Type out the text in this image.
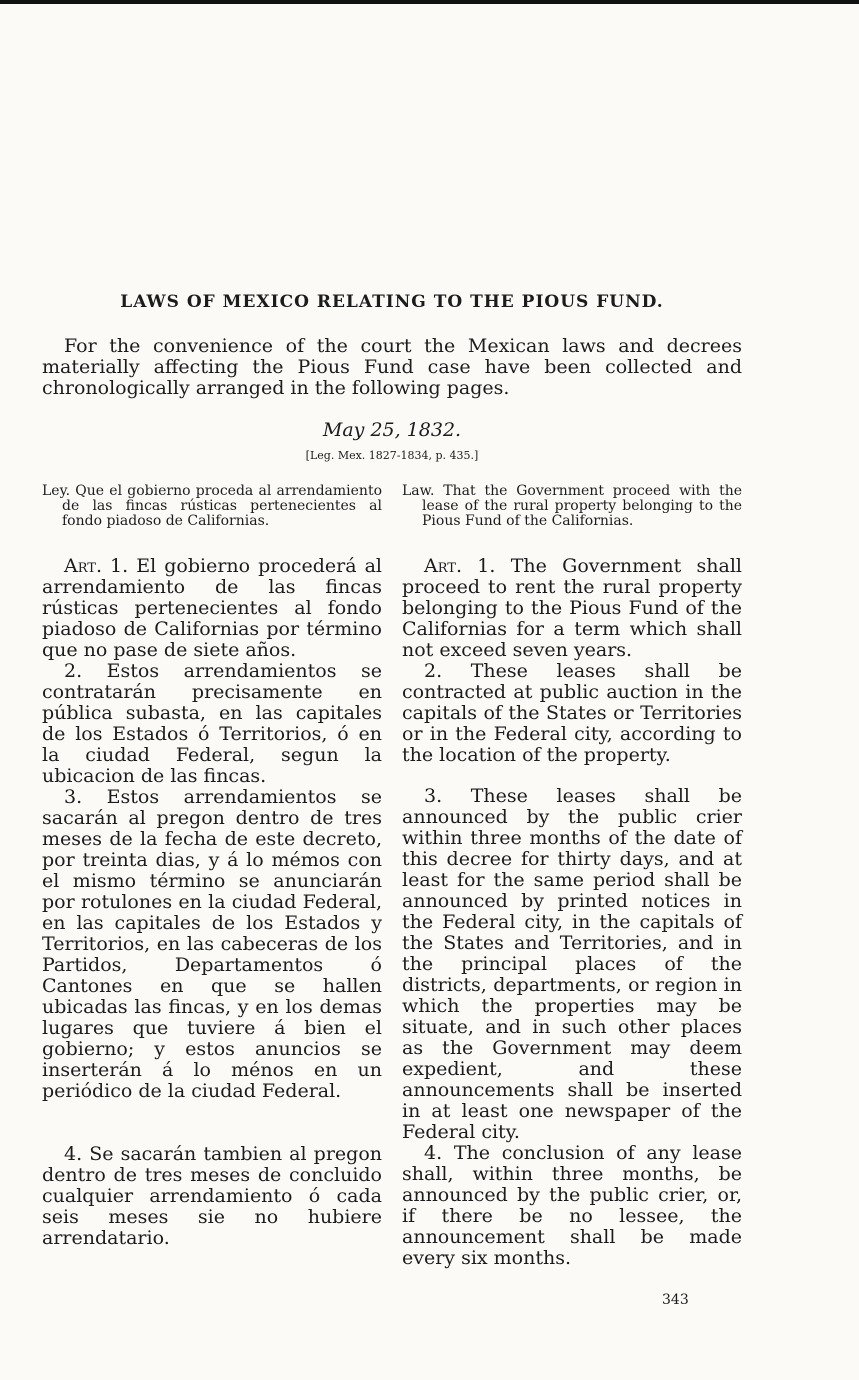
LAWS OF MEXICO RELATING TO THE PIOUS FUND.

For the convenience of the court the Mexican laws and decrees materially affecting the Pious Fund case have been collected and chronologically arranged in the following pages.

May 25, 1832.
[Leg. Mex. 1827-1834, p. 435.]

Ley. Que el gobierno proceda al arrendamiento de las fincas rústicas pertenecientes al fondo piadoso de Californias.

Art. 1. El gobierno procederá al arrendamiento de las fincas rústicas pertenecientes al fondo piadoso de Californias por término que no pase de siete años.

2. Estos arrendamientos se contratarán precisamente en pública subasta, en las capitales de los Estados ó Territorios, ó en la ciudad Federal, segun la ubicacion de las fincas.

3. Estos arrendamientos se sacarán al pregon dentro de tres meses de la fecha de este decreto, por treinta dias, y á lo mémos con el mismo término se anunciarán por rotulones en la ciudad Federal, en las capitales de los Estados y Territorios, en las cabeceras de los Partidos, Departamentos ó Cantones en que se hallen ubicadas las fincas, y en los demas lugares que tuviere á bien el gobierno; y estos anuncios se inserterán á lo ménos en un periódico de la ciudad Federal.

4. Se sacarán tambien al pregon dentro de tres meses de concluido cualquier arrendamiento ó cada seis meses sie no hubiere arrendatario.

Law. That the Government proceed with the lease of the rural property belonging to the Pious Fund of the Californias.

Art. 1. The Government shall proceed to rent the rural property belonging to the Pious Fund of the Californias for a term which shall not exceed seven years.

2. These leases shall be contracted at public auction in the capitals of the States or Territories or in the Federal city, according to the location of the property.

3. These leases shall be announced by the public crier within three months of the date of this decree for thirty days, and at least for the same period shall be announced by printed notices in the Federal city, in the capitals of the States and Territories, and in the principal places of the districts, departments, or region in which the properties may be situate, and in such other places as the Government may deem expedient, and these announcements shall be inserted in at least one newspaper of the Federal city.

4. The conclusion of any lease shall, within three months, be announced by the public crier, or, if there be no lessee, the announcement shall be made every six months.

343
